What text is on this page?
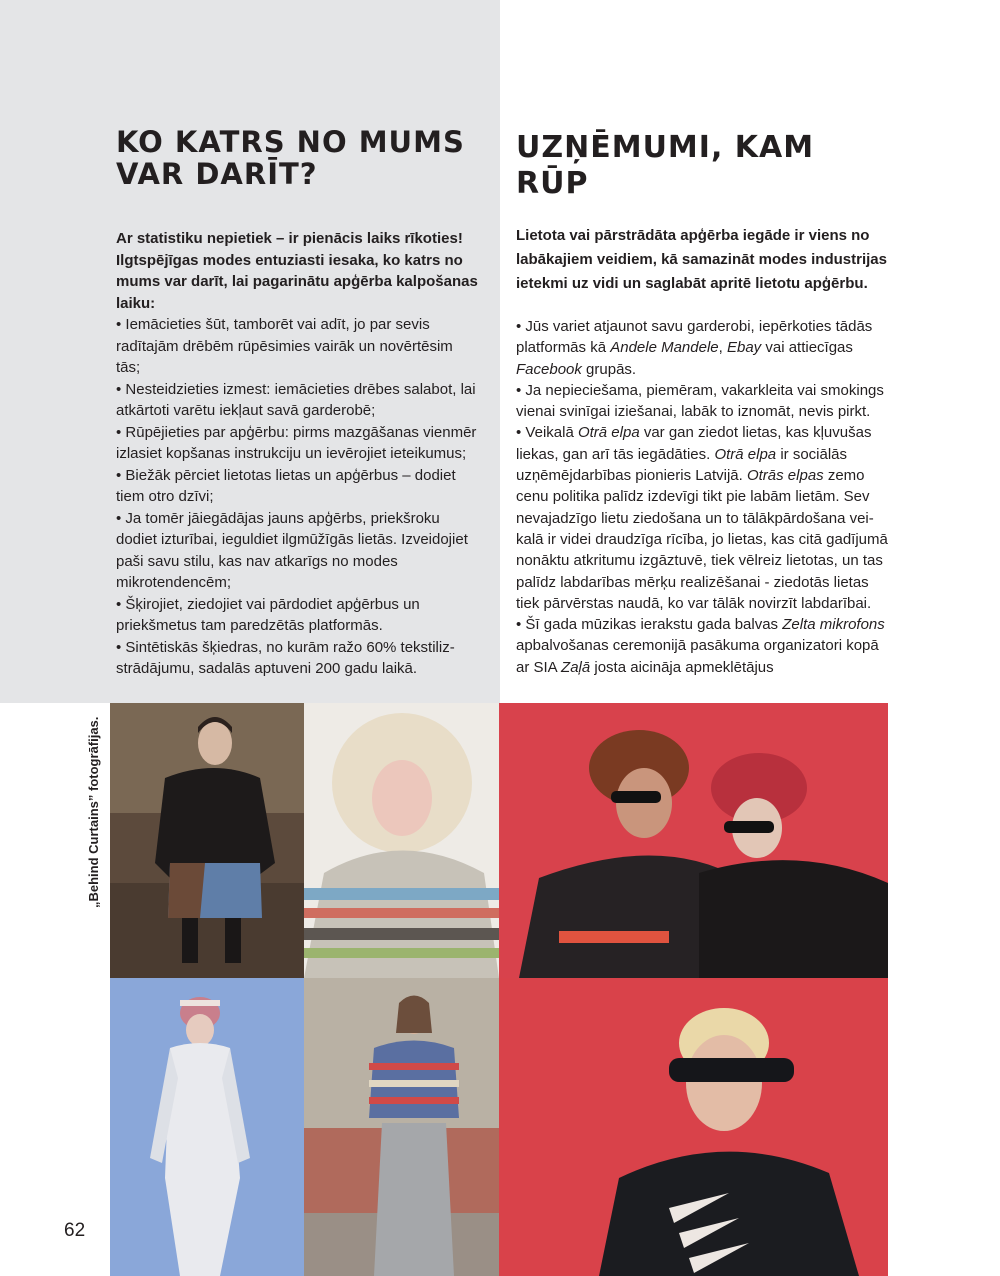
KO KATRS NO MUMS
VAR DARĪT?

Ar statistiku nepietiek – ir pienācis laiks rīkoties! Ilgtspējīgas modes entuziasti iesaka, ko katrs no mums var darīt, lai pagarinātu apģērba kalpošanas laiku:

• Iemācieties šūt, tamborēt vai adīt, jo par sevis radītajām drēbēm rūpēsimies vairāk un novērtēsim tās;

• Nesteidzieties izmest: iemācieties drēbes salabot, lai atkārtoti varētu iekļaut savā garderobē;

• Rūpējieties par apģērbu: pirms mazgāšanas vienmēr izlasiet kopšanas instrukciju un ievērojiet ieteikumus;

• Biežāk pērciet lietotas lietas un apģērbus – dodiet tiem otro dzīvi;

• Ja tomēr jāiegādājas jauns apģērbs, priekšroku dodiet izturībai, ieguldiet ilgmūžīgās lietās. Izveidojiet paši savu stilu, kas nav atkarīgs no modes mikrotendencēm;

• Šķirojiet, ziedojiet vai pārdodiet apģērbus un priekšmetus tam paredzētās platformās.

• Sintētiskās šķiedras, no kurām ražo 60% tekstilizstrādājumu, sadalās aptuveni 200 gadu laikā.

UZŅĒMUMI, KAM RŪP

Lietota vai pārstrādāta apģērba iegāde ir viens no labākajiem veidiem, kā samazināt modes industrijas ietekmi uz vidi un saglabāt apritē lietotu apģērbu.

• Jūs variet atjaunot savu garderobi, iepērkoties tādās platformās kā Andele Mandele, Ebay vai attiecīgas Facebook grupās.

• Ja nepieciešama, piemēram, vakarkleita vai smokings vienai svinīgai iziešanai, labāk to iznomāt, nevis pirkt.

• Veikalā Otrā elpa var gan ziedot lietas, kas kļuvušas liekas, gan arī tās iegādāties. Otrā elpa ir sociālās uzņēmējdarbības pionieris Latvijā. Otrās elpas zemo cenu politika palīdz izdevīgi tikt pie labām lietām. Sev nevajadzīgo lietu ziedošana un to tālākpārdošana veikalā ir videi draudzīga rīcība, jo lietas, kas citā gadījumā nonāktu atkritumu izgāztuvē, tiek vēlreiz lietotas, un tas palīdz labdarības mērķu realizēšanai - ziedotās lietas tiek pārvērstas naudā, ko var tālāk novirzīt labdarībai.

• Šī gada mūzikas ierakstu gada balvas Zelta mikrofons apbalvošanas ceremonijā pasākuma organizatori kopā ar SIA Zaļā josta aicināja apmeklētājus

„Behind Curtains” fotogrāfijas.
62
